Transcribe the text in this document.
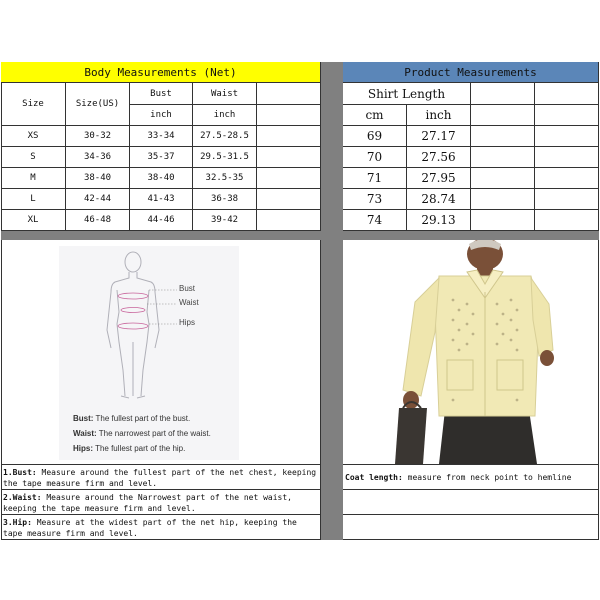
Body Measurements (Net)
Size	Size(US)
Bust	Waist
inch	inch
XS	30-32	33-34	27.5-28.5
S	34-36	35-37	29.5-31.5
M	38-40	38-40	32.5-35
L	42-44	41-43	36-38
XL	46-48	44-46	39-42
Product Measurements
Shirt Length
cm	inch
69	27.17
70	27.56
71	27.95
73	28.74
74	29.13
Bust
Waist
Hips
Bust: The fullest part of the bust.
Waist: The narrowest part of the waist.
Hips: The fullest part of the hip.
1.Bust: Measure around the fullest part of the net chest, keeping the tape measure firm and level.
2.Waist: Measure around the Narrowest part of the net waist, keeping the tape measure firm and level.
3.Hip: Measure at the widest part of the net hip, keeping the tape measure firm and level.
Coat length: measure from neck point to hemline
